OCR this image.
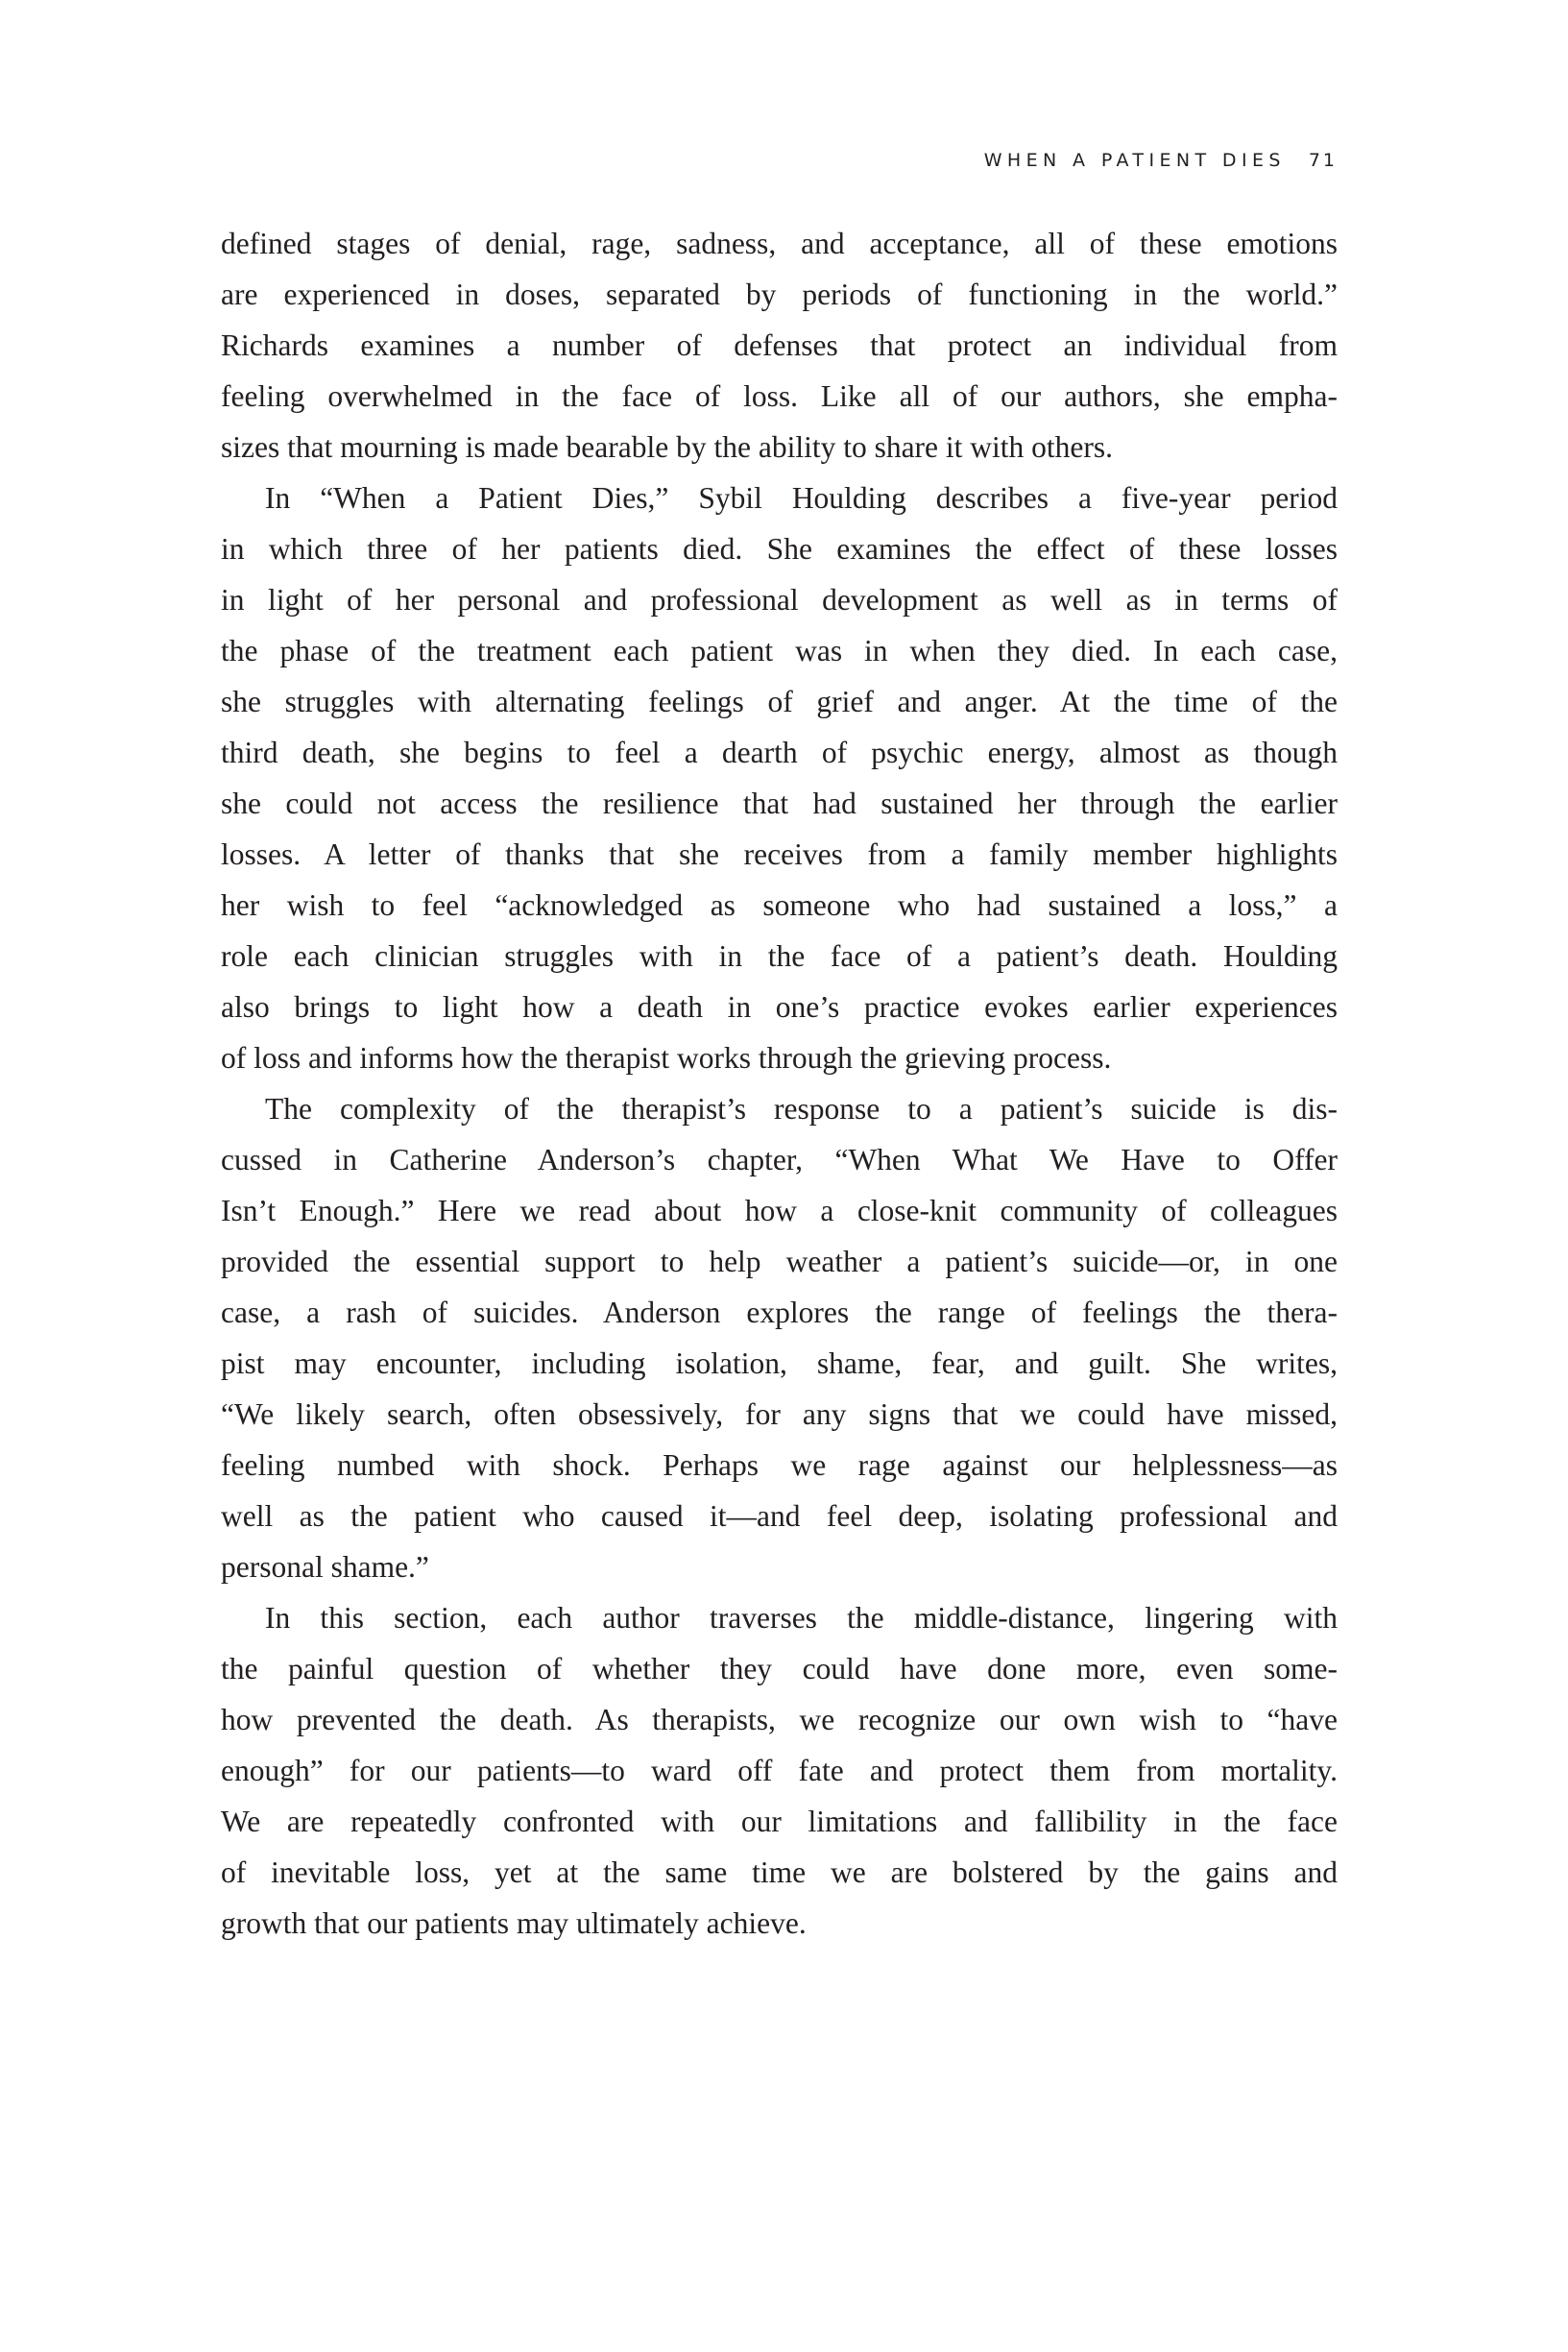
WHEN A PATIENT DIES 71
defined stages of denial, rage, sadness, and acceptance, all of these emotions
are experienced in doses, separated by periods of functioning in the world.”
Richards examines a number of defenses that protect an individual from
feeling overwhelmed in the face of loss. Like all of our authors, she empha-
sizes that mourning is made bearable by the ability to share it with others.
In “When a Patient Dies,” Sybil Houlding describes a five-year period
in which three of her patients died. She examines the effect of these losses
in light of her personal and professional development as well as in terms of
the phase of the treatment each patient was in when they died. In each case,
she struggles with alternating feelings of grief and anger. At the time of the
third death, she begins to feel a dearth of psychic energy, almost as though
she could not access the resilience that had sustained her through the earlier
losses. A letter of thanks that she receives from a family member highlights
her wish to feel “acknowledged as someone who had sustained a loss,” a
role each clinician struggles with in the face of a patient’s death. Houlding
also brings to light how a death in one’s practice evokes earlier experiences
of loss and informs how the therapist works through the grieving process.
The complexity of the therapist’s response to a patient’s suicide is dis-
cussed in Catherine Anderson’s chapter, “When What We Have to Offer
Isn’t Enough.” Here we read about how a close-knit community of colleagues
provided the essential support to help weather a patient’s suicide—or, in one
case, a rash of suicides. Anderson explores the range of feelings the thera-
pist may encounter, including isolation, shame, fear, and guilt. She writes,
“We likely search, often obsessively, for any signs that we could have missed,
feeling numbed with shock. Perhaps we rage against our helplessness—as
well as the patient who caused it—and feel deep, isolating professional and
personal shame.”
In this section, each author traverses the middle-distance, lingering with
the painful question of whether they could have done more, even some-
how prevented the death. As therapists, we recognize our own wish to “have
enough” for our patients—to ward off fate and protect them from mortality.
We are repeatedly confronted with our limitations and fallibility in the face
of inevitable loss, yet at the same time we are bolstered by the gains and
growth that our patients may ultimately achieve.
